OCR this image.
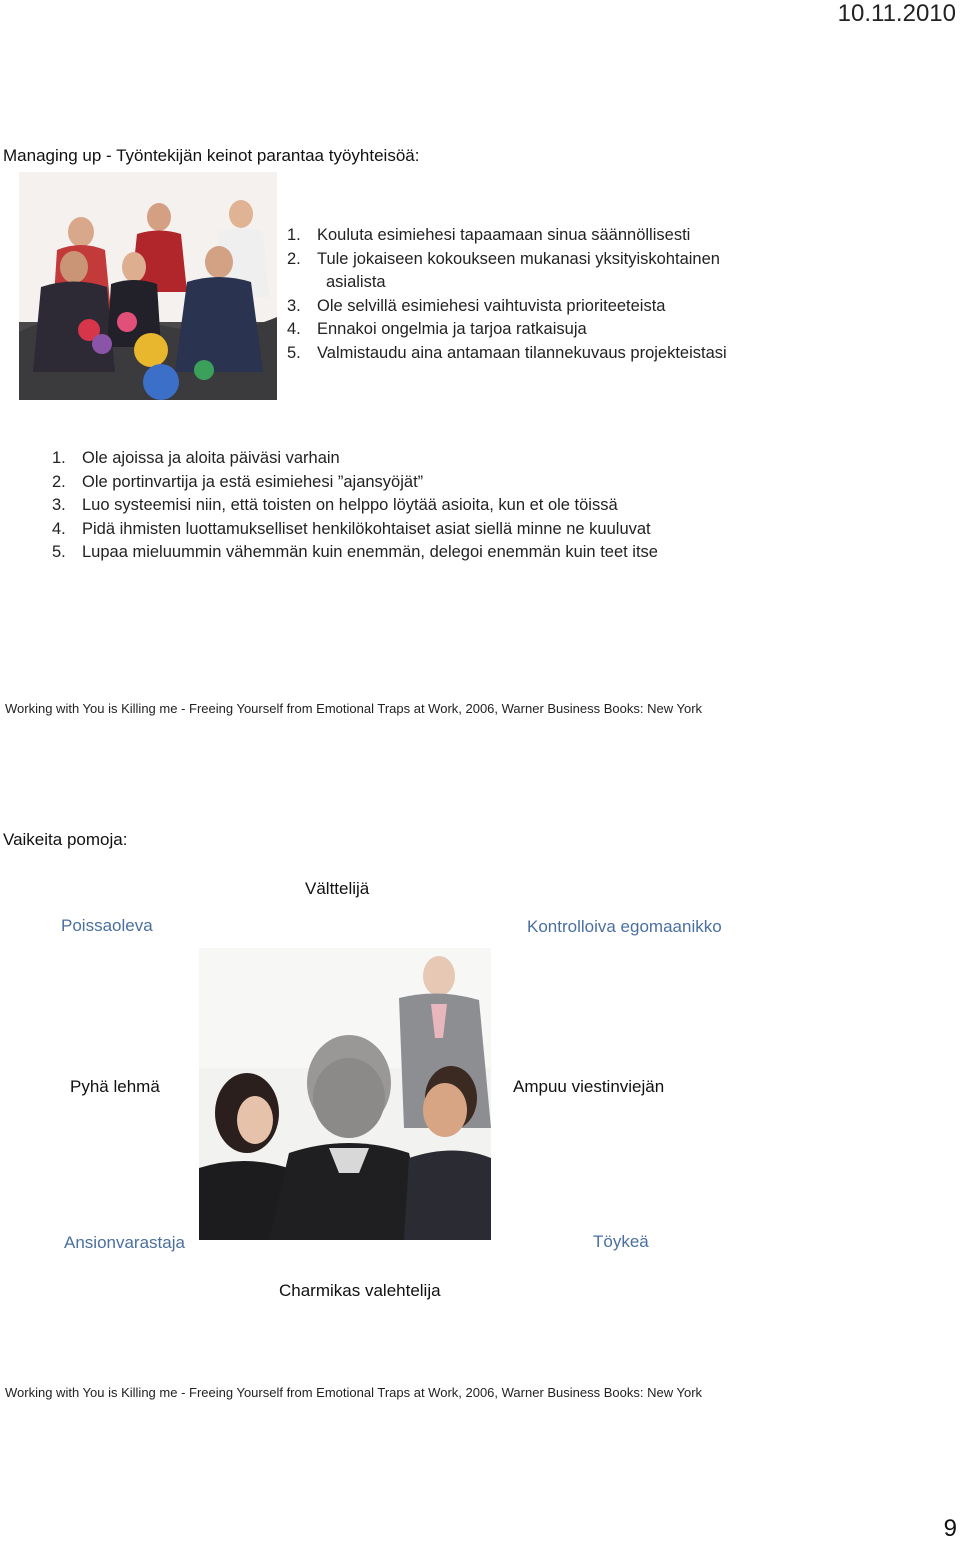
10.11.2010
Managing up - Työntekijän keinot parantaa työyhteisöä:
1. Kouluta esimiehesi tapaamaan sinua säännöllisesti
2. Tule jokaiseen kokoukseen mukanasi yksityiskohtainen
asialista
3. Ole selvillä esimiehesi vaihtuvista prioriteeteista
4. Ennakoi ongelmia ja tarjoa ratkaisuja
5. Valmistaudu aina antamaan tilannekuvaus projekteistasi
1. Ole ajoissa ja aloita päiväsi varhain
2. Ole portinvartija ja estä esimiehesi ”ajansyöjät”
3. Luo systeemisi niin, että toisten on helppo löytää asioita, kun et ole töissä
4. Pidä ihmisten luottamukselliset henkilökohtaiset asiat siellä minne ne kuuluvat
5. Lupaa mieluummin vähemmän kuin enemmän, delegoi enemmän kuin teet itse
Working with You is Killing me - Freeing Yourself from Emotional Traps at Work, 2006, Warner Business Books: New York
Vaikeita pomoja:
Välttelijä
Poissaoleva	Kontrolloiva egomaanikko
Pyhä lehmä	Ampuu viestinviejän
Ansionvarastaja	Töykeä
Charmikas valehtelija
Working with You is Killing me - Freeing Yourself from Emotional Traps at Work, 2006, Warner Business Books: New York
9
